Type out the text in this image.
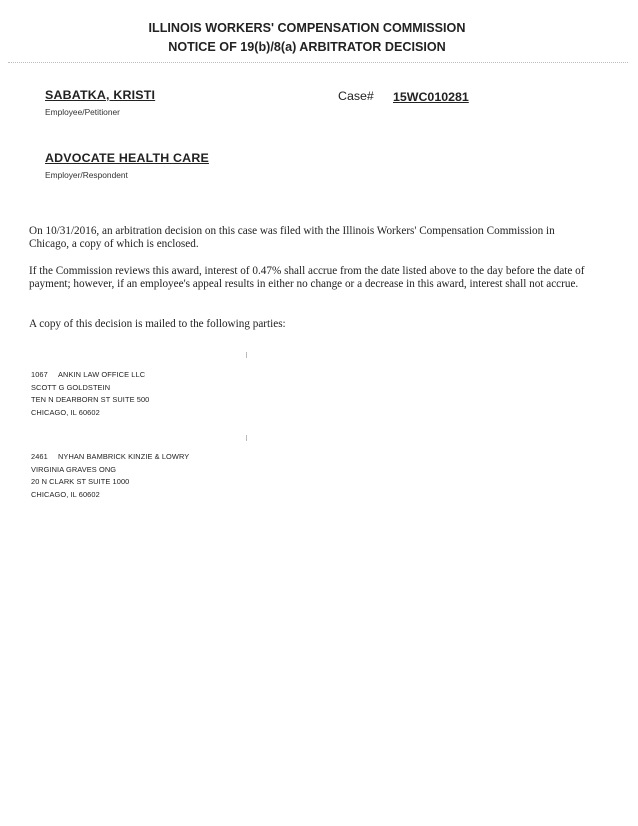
ILLINOIS WORKERS' COMPENSATION COMMISSION
NOTICE OF 19(b)/8(a) ARBITRATOR DECISION
SABATKA, KRISTI
Employee/Petitioner
Case# 15WC010281
ADVOCATE HEALTH CARE
Employer/Respondent
On 10/31/2016, an arbitration decision on this case was filed with the Illinois Workers' Compensation Commission in Chicago, a copy of which is enclosed.
If the Commission reviews this award, interest of 0.47% shall accrue from the date listed above to the day before the date of payment; however, if an employee's appeal results in either no change or a decrease in this award, interest shall not accrue.
A copy of this decision is mailed to the following parties:
1067 ANKIN LAW OFFICE LLC
SCOTT G GOLDSTEIN
TEN N DEARBORN ST SUITE 500
CHICAGO, IL 60602
2461 NYHAN BAMBRICK KINZIE & LOWRY
VIRGINIA GRAVES ONG
20 N CLARK ST SUITE 1000
CHICAGO, IL 60602
